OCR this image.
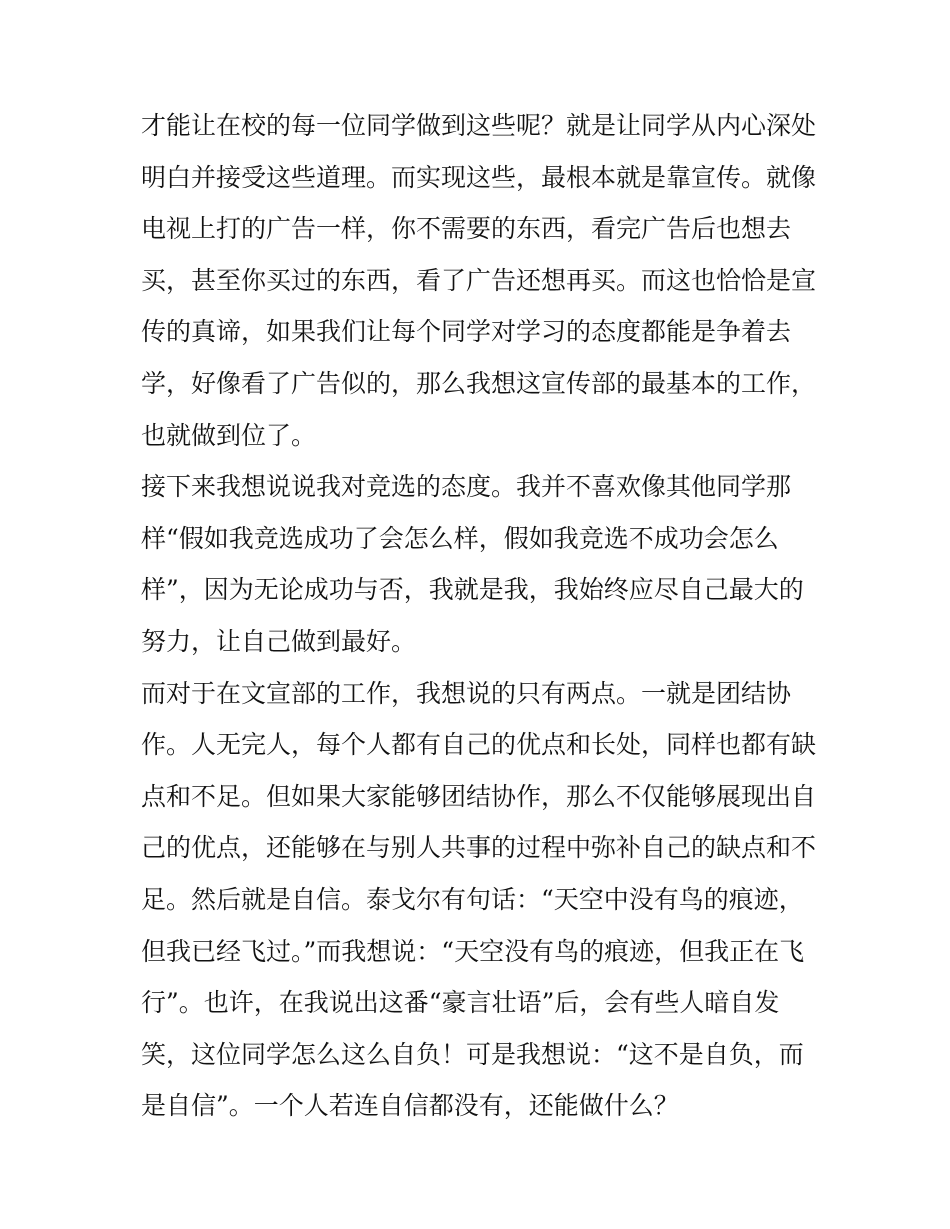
才能让在校的每一位同学做到这些呢？就是让同学从内心深处
明白并接受这些道理。而实现这些，最根本就是靠宣传。就像
电视上打的广告一样，你不需要的东西，看完广告后也想去
买，甚至你买过的东西，看了广告还想再买。而这也恰恰是宣
传的真谛，如果我们让每个同学对学习的态度都能是争着去
学，好像看了广告似的，那么我想这宣传部的最基本的工作，
也就做到位了。
接下来我想说说我对竞选的态度。我并不喜欢像其他同学那
样“假如我竞选成功了会怎么样，假如我竞选不成功会怎么
样”，因为无论成功与否，我就是我，我始终应尽自己最大的
努力，让自己做到最好。
而对于在文宣部的工作，我想说的只有两点。一就是团结协
作。人无完人，每个人都有自己的优点和长处，同样也都有缺
点和不足。但如果大家能够团结协作，那么不仅能够展现出自
己的优点，还能够在与别人共事的过程中弥补自己的缺点和不
足。然后就是自信。泰戈尔有句话：“天空中没有鸟的痕迹，
但我已经飞过。”而我想说：“天空没有鸟的痕迹，但我正在飞
行”。也许，在我说出这番“豪言壮语”后，会有些人暗自发
笑，这位同学怎么这么自负！可是我想说：“这不是自负，而
是自信”。一个人若连自信都没有，还能做什么？
